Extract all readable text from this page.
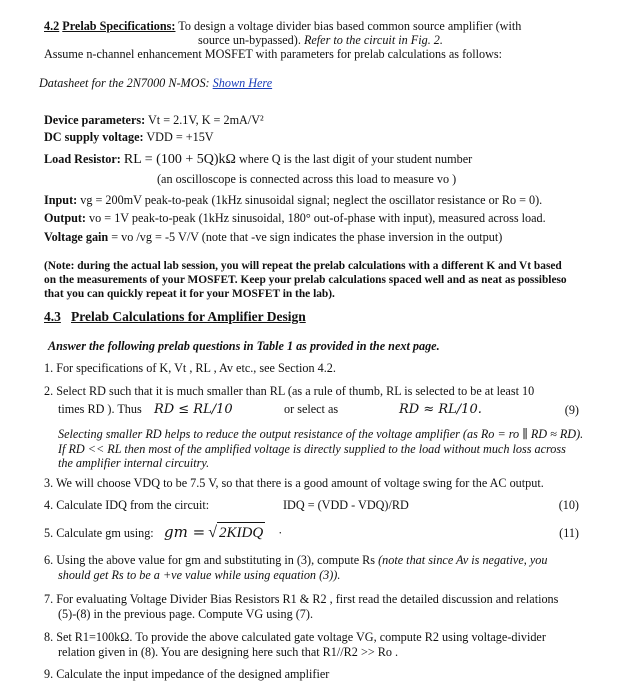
4.2 Prelab Specifications: To design a voltage divider bias based common source amplifier (with
source un-bypassed). Refer to the circuit in Fig. 2.
Assume n-channel enhancement MOSFET with parameters for prelab calculations as follows:
Datasheet for the 2N7000 N-MOS: Shown Here
Device parameters: Vt = 2.1V, K = 2mA/V²
DC supply voltage: VDD = +15V
Load Resistor: RL = (100 + 5Q)kΩ where Q is the last digit of your student number
(an oscilloscope is connected across this load to measure vo )
Input: vg = 200mV peak-to-peak (1kHz sinusoidal signal; neglect the oscillator resistance or Ro = 0).
Output: vo = 1V peak-to-peak (1kHz sinusoidal, 180° out-of-phase with input), measured across load.
Voltage gain = vo /vg = -5 V/V (note that -ve sign indicates the phase inversion in the output)
(Note: during the actual lab session, you will repeat the prelab calculations with a different K and Vt based
on the measurements of your MOSFET. Keep your prelab calculations spaced well and as neat as possibleso
that you can quickly repeat it for your MOSFET in the lab).
4.3 Prelab Calculations for Amplifier Design
Answer the following prelab questions in Table 1 as provided in the next page.
1. For specifications of K, Vt , RL , Av etc., see Section 4.2.
2. Select RD such that it is much smaller than RL (as a rule of thumb, RL is selected to be at least 10
times RD ). Thus RD ≤ RL/10	or select as	RD ≈ RL/10.	(9)
Selecting smaller RD helps to reduce the output resistance of the voltage amplifier (as Ro = ro ∥ RD ≈ RD).
If RD << RL then most of the amplified voltage is directly supplied to the load without much loss across
the amplifier internal circuitry.
3. We will choose VDQ to be 7.5 V, so that there is a good amount of voltage swing for the AC output.
4. Calculate IDQ from the circuit:	IDQ = (VDD - VDQ)/RD	(10)
5. Calculate gm using: gm = √ 2KIDQ ·	(11)
6. Using the above value for gm and substituting in (3), compute Rs (note that since Av is negative, you
should get Rs to be a +ve value while using equation (3)).
7. For evaluating Voltage Divider Bias Resistors R1 & R2 , first read the detailed discussion and relations
(5)-(8) in the previous page. Compute VG using (7).
8. Set R1=100kΩ. To provide the above calculated gate voltage VG, compute R2 using voltage-divider
relation given in (8). You are designing here such that R1//R2 >> Ro .
9. Calculate the input impedance of the designed amplifier
